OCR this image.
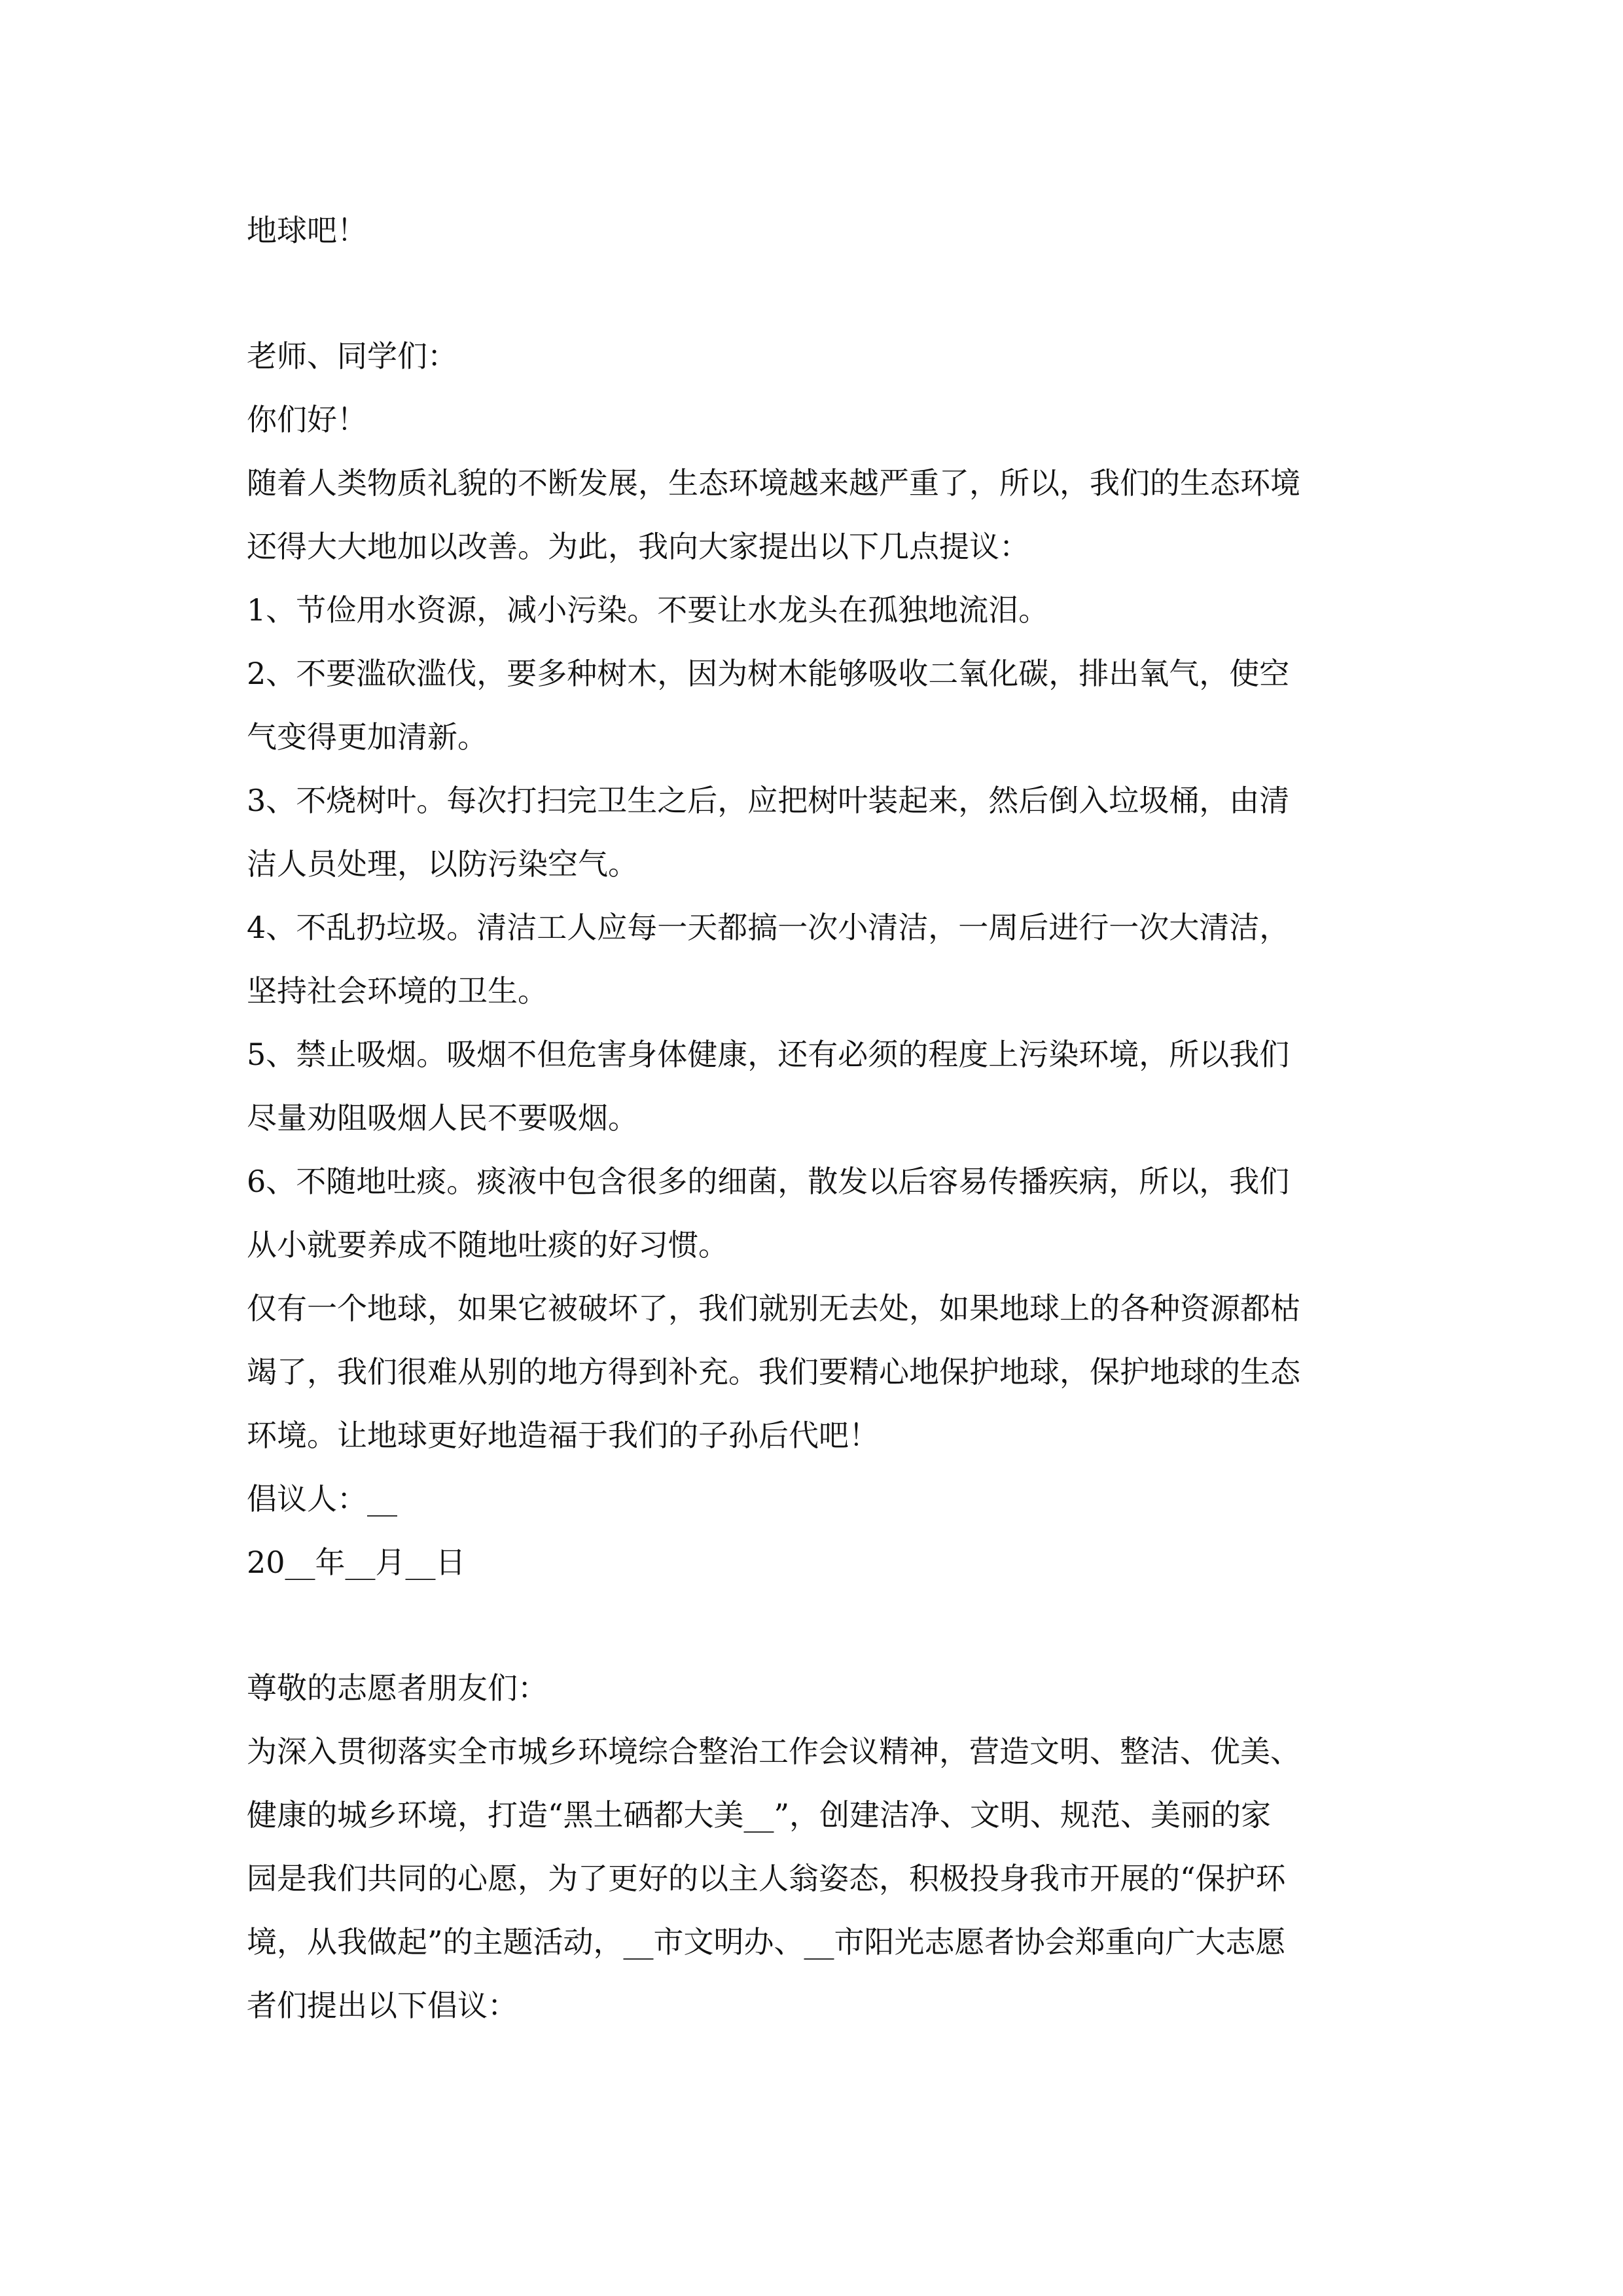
地球吧！
老师、同学们：
你们好！
随着人类物质礼貌的不断发展，生态环境越来越严重了，所以，我们的生态环境
还得大大地加以改善。为此，我向大家提出以下几点提议：
1、节俭用水资源，减小污染。不要让水龙头在孤独地流泪。
2、不要滥砍滥伐，要多种树木，因为树木能够吸收二氧化碳，排出氧气，使空
气变得更加清新。
3、不烧树叶。每次打扫完卫生之后，应把树叶装起来，然后倒入垃圾桶，由清
洁人员处理，以防污染空气。
4、不乱扔垃圾。清洁工人应每一天都搞一次小清洁，一周后进行一次大清洁，
坚持社会环境的卫生。
5、禁止吸烟。吸烟不但危害身体健康，还有必须的程度上污染环境，所以我们
尽量劝阻吸烟人民不要吸烟。
6、不随地吐痰。痰液中包含很多的细菌，散发以后容易传播疾病，所以，我们
从小就要养成不随地吐痰的好习惯。
仅有一个地球，如果它被破坏了，我们就别无去处，如果地球上的各种资源都枯
竭了，我们很难从别的地方得到补充。我们要精心地保护地球，保护地球的生态
环境。让地球更好地造福于我们的子孙后代吧！
倡议人：__
20__年__月__日
尊敬的志愿者朋友们：
为深入贯彻落实全市城乡环境综合整治工作会议精神，营造文明、整洁、优美、
健康的城乡环境，打造“黑土硒都大美__”，创建洁净、文明、规范、美丽的家
园是我们共同的心愿，为了更好的以主人翁姿态，积极投身我市开展的“保护环
境，从我做起”的主题活动，__市文明办、__市阳光志愿者协会郑重向广大志愿
者们提出以下倡议：
